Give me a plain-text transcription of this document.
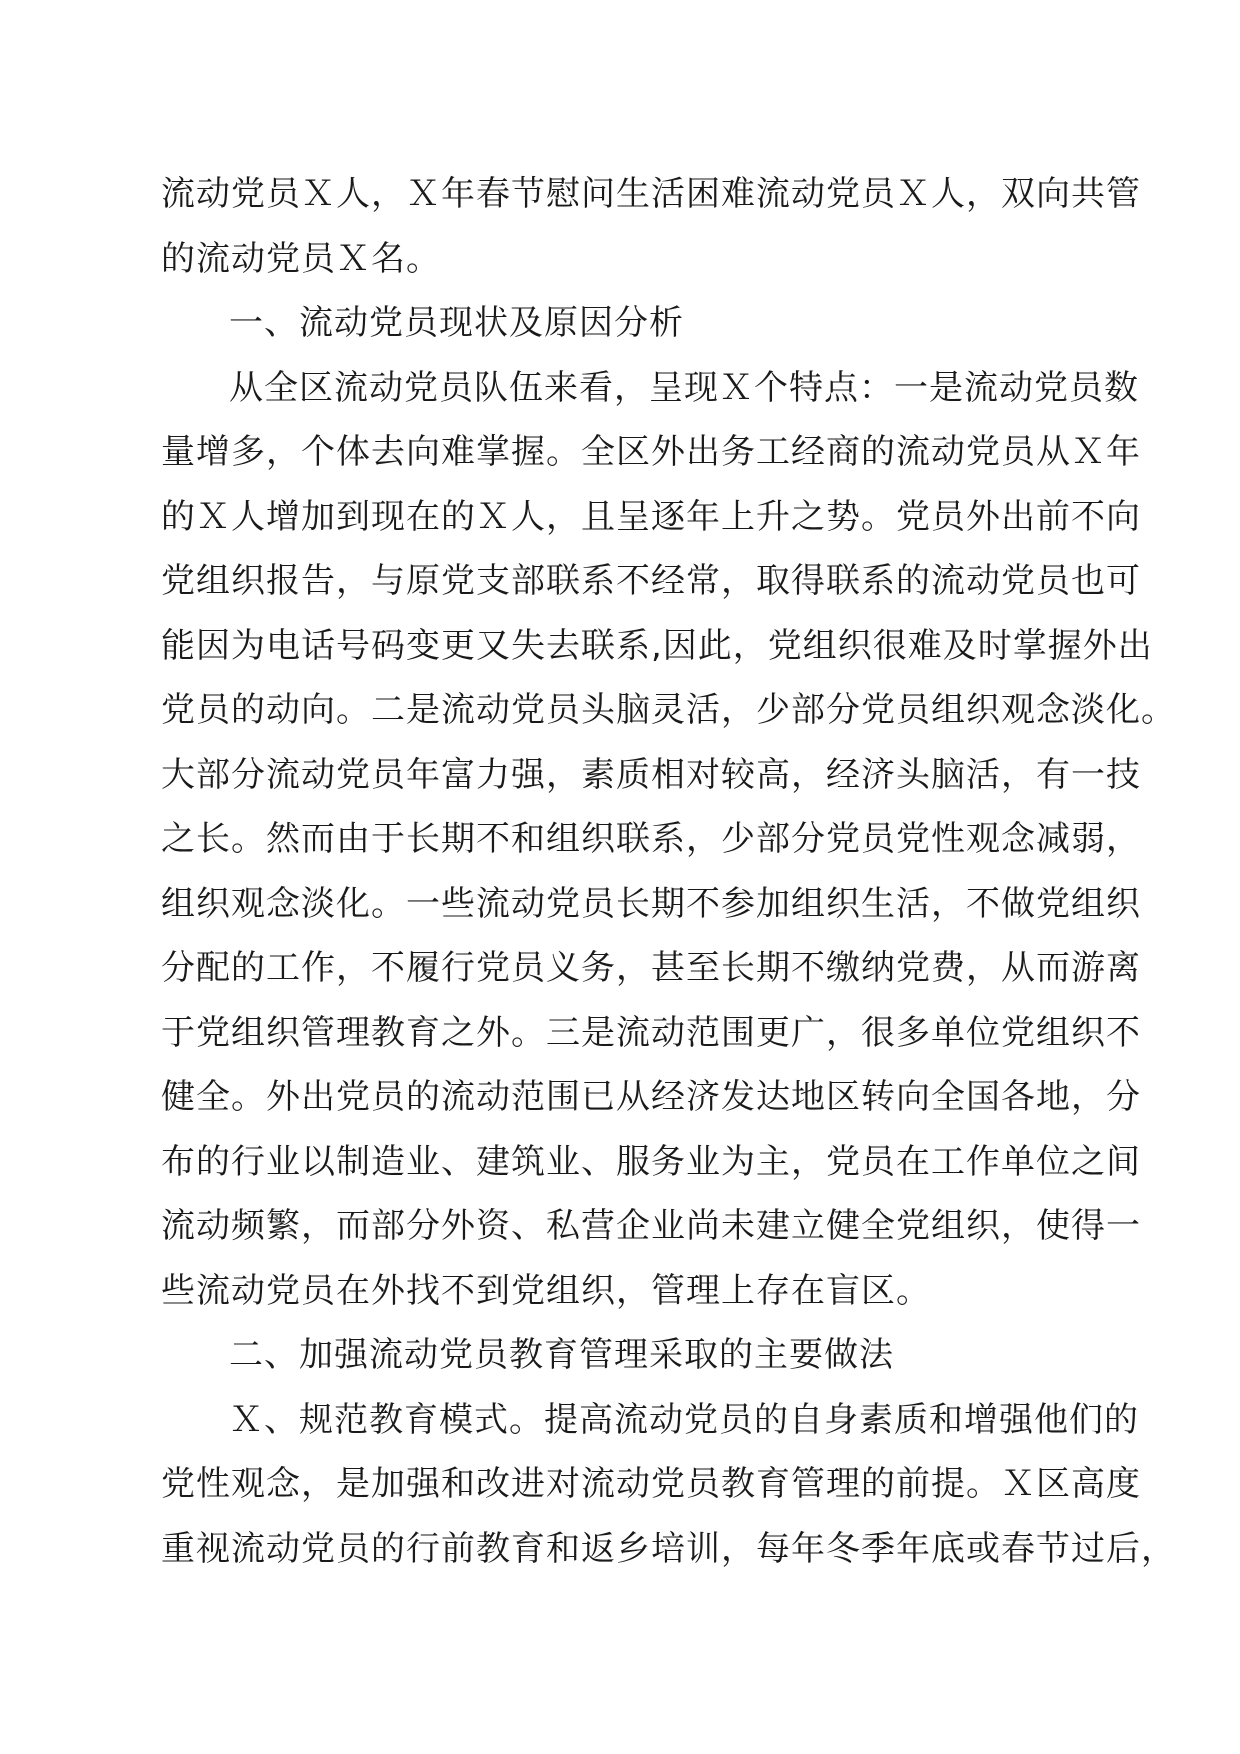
流动党员Ｘ人，Ｘ年春节慰问生活困难流动党员Ｘ人，双向共管
的流动党员Ｘ名。
一、流动党员现状及原因分析
从全区流动党员队伍来看，呈现Ｘ个特点：一是流动党员数
量增多，个体去向难掌握。全区外出务工经商的流动党员从Ｘ年
的Ｘ人增加到现在的Ｘ人，且呈逐年上升之势。党员外出前不向
党组织报告，与原党支部联系不经常，取得联系的流动党员也可
能因为电话号码变更又失去联系,因此，党组织很难及时掌握外出
党员的动向。二是流动党员头脑灵活，少部分党员组织观念淡化。
大部分流动党员年富力强，素质相对较高，经济头脑活，有一技
之长。然而由于长期不和组织联系，少部分党员党性观念减弱，
组织观念淡化。一些流动党员长期不参加组织生活，不做党组织
分配的工作，不履行党员义务，甚至长期不缴纳党费，从而游离
于党组织管理教育之外。三是流动范围更广，很多单位党组织不
健全。外出党员的流动范围已从经济发达地区转向全国各地，分
布的行业以制造业、建筑业、服务业为主，党员在工作单位之间
流动频繁，而部分外资、私营企业尚未建立健全党组织，使得一
些流动党员在外找不到党组织，管理上存在盲区。
二、加强流动党员教育管理采取的主要做法
Ｘ、规范教育模式。提高流动党员的自身素质和增强他们的
党性观念，是加强和改进对流动党员教育管理的前提。Ｘ区高度
重视流动党员的行前教育和返乡培训，每年冬季年底或春节过后，
